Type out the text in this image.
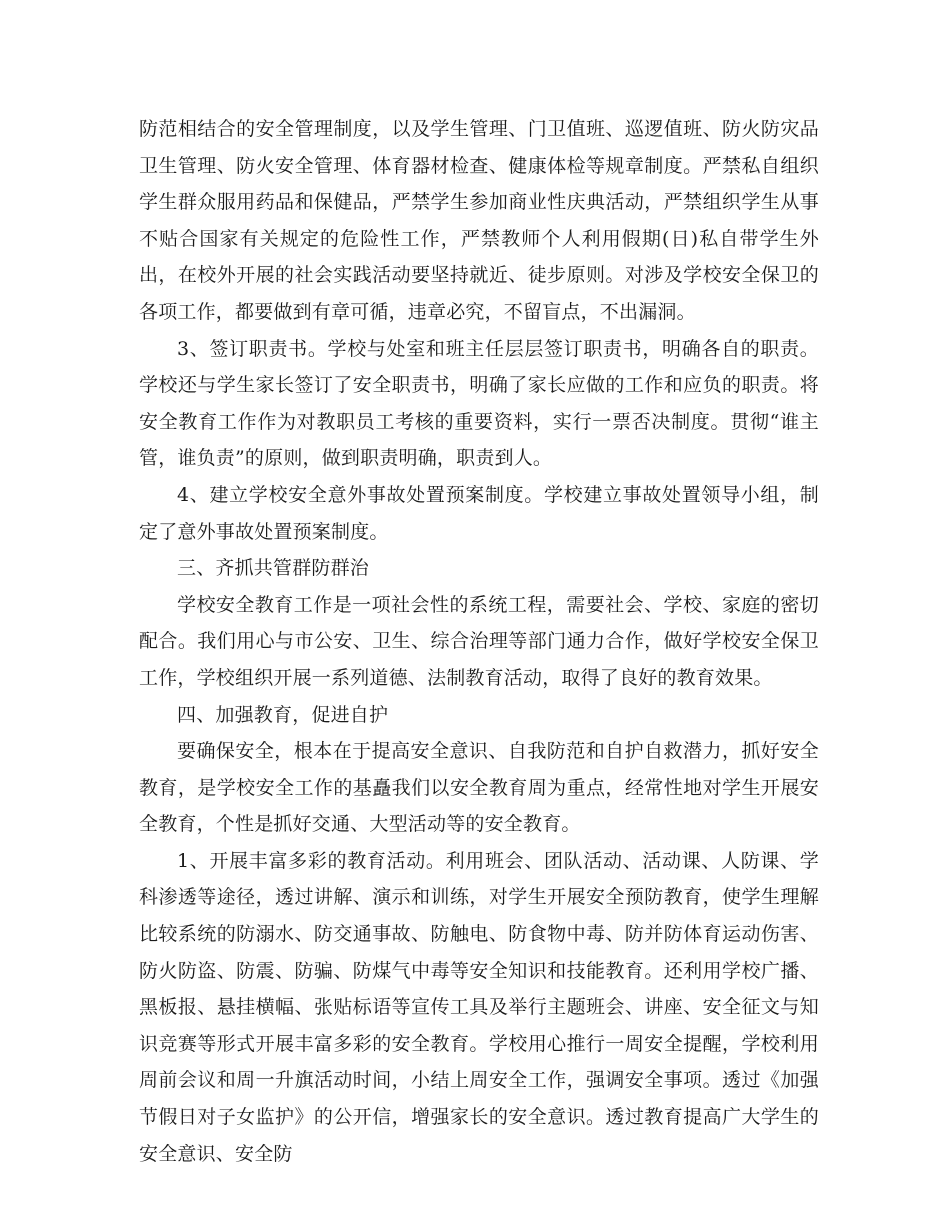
防范相结合的安全管理制度，以及学生管理、门卫值班、巡逻值班、防火防灾品卫生管理、防火安全管理、体育器材检查、健康体检等规章制度。严禁私自组织学生群众服用药品和保健品，严禁学生参加商业性庆典活动，严禁组织学生从事不贴合国家有关规定的危险性工作，严禁教师个人利用假期(日)私自带学生外出，在校外开展的社会实践活动要坚持就近、徒步原则。对涉及学校安全保卫的各项工作，都要做到有章可循，违章必究，不留盲点，不出漏洞。

3、签订职责书。学校与处室和班主任层层签订职责书，明确各自的职责。学校还与学生家长签订了安全职责书，明确了家长应做的工作和应负的职责。将安全教育工作作为对教职员工考核的重要资料，实行一票否决制度。贯彻“谁主管，谁负责”的原则，做到职责明确，职责到人。

4、建立学校安全意外事故处置预案制度。学校建立事故处置领导小组，制定了意外事故处置预案制度。

三、齐抓共管群防群治

学校安全教育工作是一项社会性的系统工程，需要社会、学校、家庭的密切配合。我们用心与市公安、卫生、综合治理等部门通力合作，做好学校安全保卫工作，学校组织开展一系列道德、法制教育活动，取得了良好的教育效果。

四、加强教育，促进自护

要确保安全，根本在于提高安全意识、自我防范和自护自救潜力，抓好安全教育，是学校安全工作的基矗我们以安全教育周为重点，经常性地对学生开展安全教育，个性是抓好交通、大型活动等的安全教育。

1、开展丰富多彩的教育活动。利用班会、团队活动、活动课、人防课、学科渗透等途径，透过讲解、演示和训练，对学生开展安全预防教育，使学生理解比较系统的防溺水、防交通事故、防触电、防食物中毒、防并防体育运动伤害、防火防盗、防震、防骗、防煤气中毒等安全知识和技能教育。还利用学校广播、黑板报、悬挂横幅、张贴标语等宣传工具及举行主题班会、讲座、安全征文与知识竞赛等形式开展丰富多彩的安全教育。学校用心推行一周安全提醒，学校利用周前会议和周一升旗活动时间，小结上周安全工作，强调安全事项。透过《加强节假日对子女监护》的公开信，增强家长的安全意识。透过教育提高广大学生的安全意识、安全防
